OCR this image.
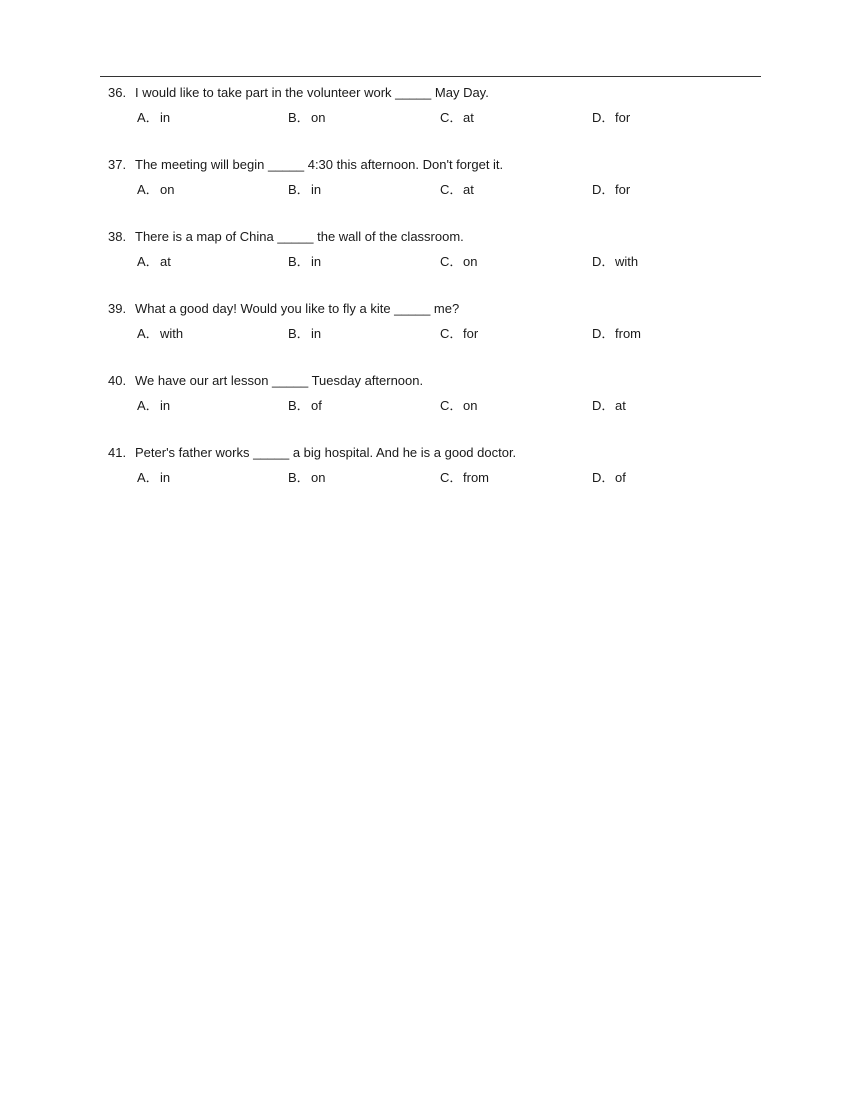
36. I would like to take part in the volunteer work _____ May Day.
A．in	B．on	C．at	D．for
37. The meeting will begin _____ 4:30 this afternoon. Don't forget it.
A．on	B．in	C．at	D．for
38. There is a map of China _____ the wall of the classroom.
A．at	B．in	C．on	D．with
39. What a good day! Would you like to fly a kite _____ me?
A．with	B．in	C．for	D．from
40. We have our art lesson _____ Tuesday afternoon.
A．in	B．of	C．on	D．at
41. Peter's father works _____ a big hospital. And he is a good doctor.
A．in	B．on	C．from	D．of
